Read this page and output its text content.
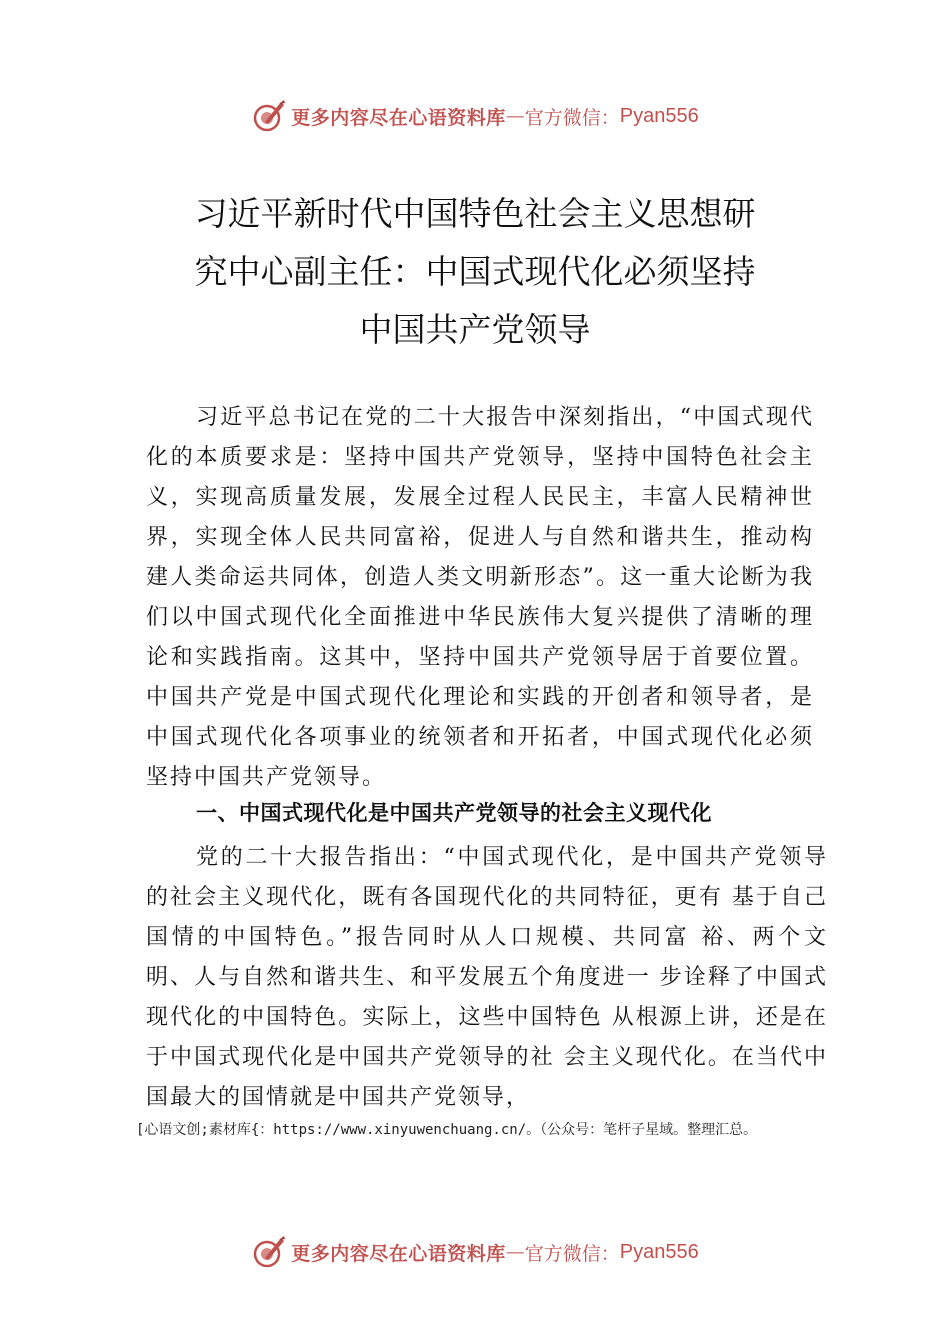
更多内容尽在心语资料库 — 官方微信： Pyan556
习近平新时代中国特色社会主义思想研
究中心副主任：中国式现代化必须坚持
中国共产党领导

习近平总书记在党的二十大报告中深刻指出，“中国式现代化的本质要求是：坚持中国共产党领导，坚持中国特色社会主义，实现高质量发展，发展全过程人民民主，丰富人民精神世界，实现全体人民共同富裕，促进人与自然和谐共生，推动构建人类命运共同体，创造人类文明新形态”。这一重大论断为我们以中国式现代化全面推进中华民族伟大复兴提供了清晰的理论和实践指南。这其中，坚持中国共产党领导居于首要位置。中国共产党是中国式现代化理论和实践的开创者和领导者，是中国式现代化各项事业的统领者和开拓者，中国式现代化必须坚持中国共产党领导。

一、中国式现代化是中国共产党领导的社会主义现代化

党的二十大报告指出：“中国式现代化，是中国共产党领导的社会主义现代化，既有各国现代化的共同特征，更有 基于自己国情的中国特色。”报告同时从人口规模、共同富 裕、两个文明、人与自然和谐共生、和平发展五个角度进一 步诠释了中国式现代化的中国特色。实际上，这些中国特色 从根源上讲，还是在于中国式现代化是中国共产党领导的社 会主义现代化。在当代中国最大的国情就是中国共产党领导，

[心语文创;素材库{：https://www.xinyuwenchuang.cn/。（公众号：笔杆子星域。整理汇总。

更多内容尽在心语资料库 — 官方微信： Pyan556
